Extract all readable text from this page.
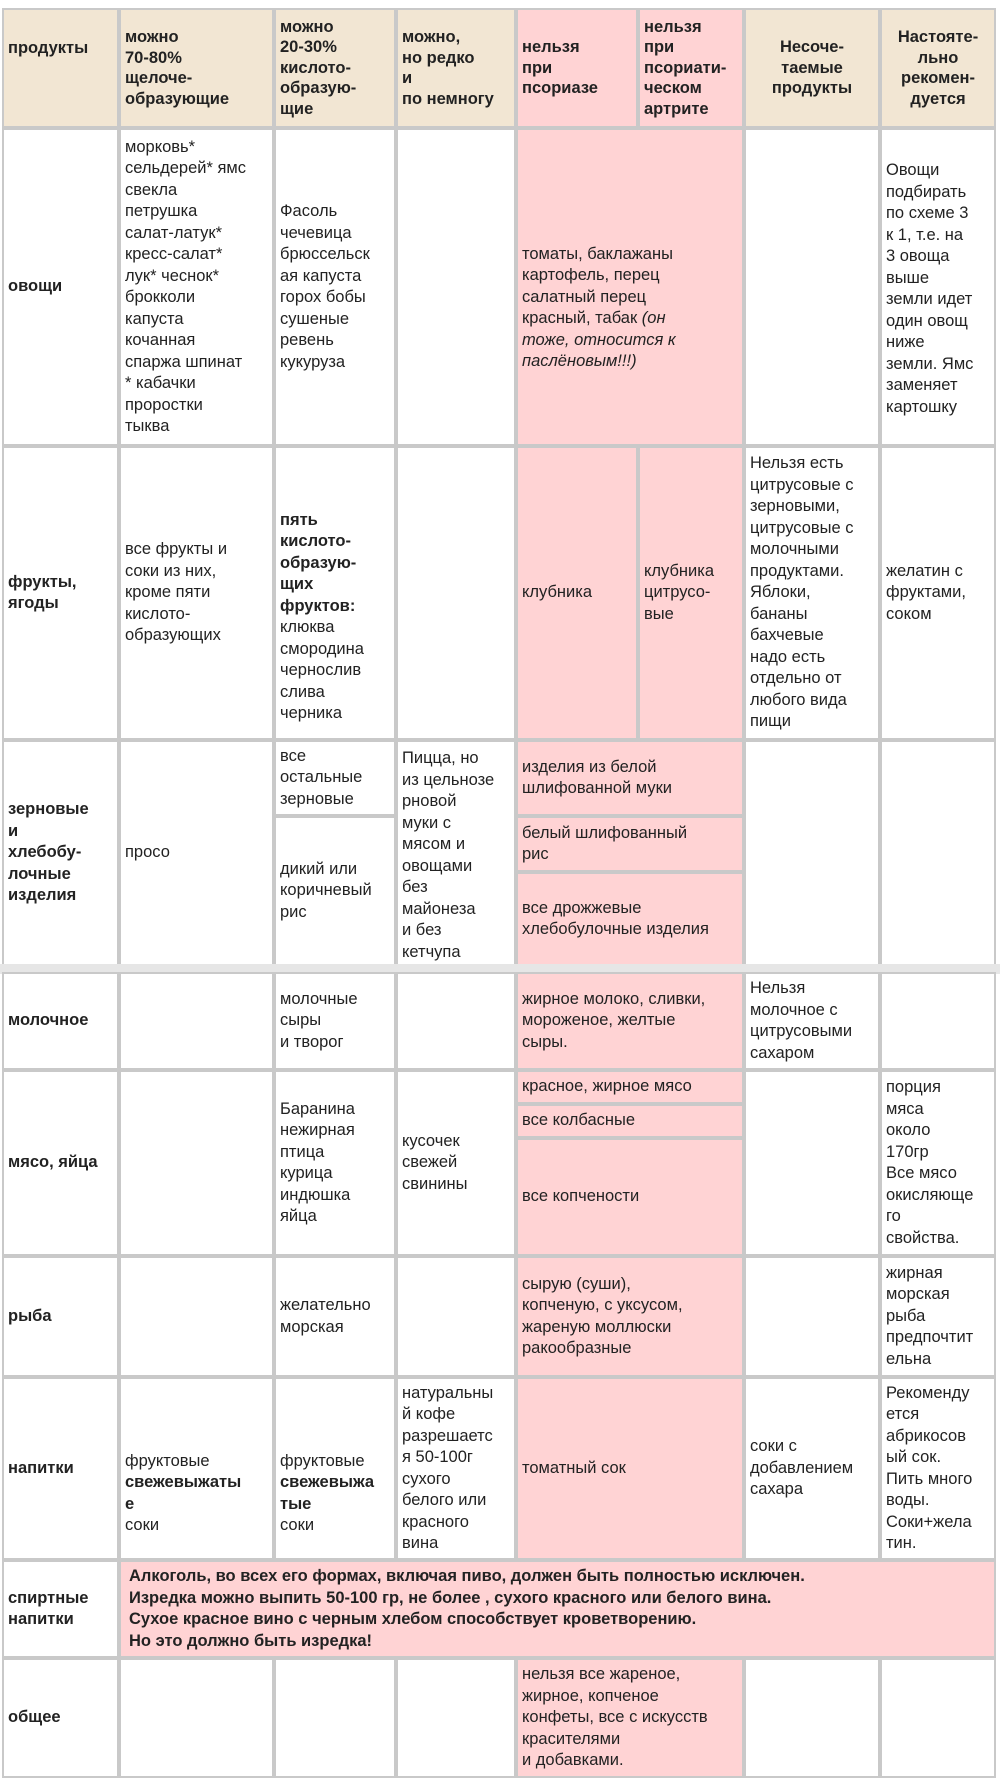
продукты
можно
70-80%
щелоче-
образующие
можно
20-30%
кислото-
образую-
щие
можно,
но редко
и
по немногу
нельзя
при
псориазе
нельзя
при
псориати-
ческом
артрите
Несоче-
таемые
продукты
Настояте-
льно
рекомен-
дуется
овощи
морковь*
сельдерей* ямс
свекла
петрушка
салат-латук*
кресс-салат*
лук* чеснок*
брокколи
капуста
кочанная
спаржа шпинат
* кабачки
проростки
тыква
Фасоль
чечевица
брюссельск
ая капуста
горох бобы
сушеные
ревень
кукуруза

томаты, баклажаны
картофель, перец
салатный перец
красный, табак (он
тоже, относится к
паслёновым!!!)

Овощи
подбирать
по схеме 3
к 1, т.е. на
3 овоща
выше
земли идет
один овощ
ниже
земли. Ямс
заменяет
картошку
фрукты,
ягоды
все фрукты и
соки из них,
кроме пяти
кислото-
образующих

пять
кислото-
образую-
щих
фруктов:
клюква
смородина
чернослив
слива
черника

клубника
клубника
цитрусо-
вые
Нельзя есть
цитрусовые с
зерновыми,
цитрусовые с
молочными
продуктами.
Яблоки,
бананы
бахчевые
надо есть
отдельно от
любого вида
пищи
желатин с
фруктами,
соком
зерновые
и
хлебобу-
лочные
изделия
просо
все
остальные
зерновые
дикий или
коричневый
рис
Пицца, но
из цельнозе
рновой
муки с
мясом и
овощами
без
майонеза
и без
кетчупа
изделия из белой
шлифованной муки
белый шлифованный
рис
все дрожжевые
хлебобулочные изделия
молочное
молочные
сыры
и творог
жирное молоко, сливки,
мороженое, желтые
сыры.
Нельзя
молочное с
цитрусовыми
сахаром
мясо, яйца
Баранина
нежирная
птица
курица
индюшка
яйца
кусочек
свежей
свинины
красное, жирное мясо
все колбасные
все копчености
порция
мяса
около
170гр
Все мясо
окисляюще
го
свойства.
рыба
желательно
морская
сырую (суши),
копченую, с уксусом,
жареную моллюски
ракообразные
жирная
морская
рыба
предпочтит
ельна
напитки	фруктовые
свежевыжаты
е
соки

фруктовые
свежевыжа
тые
соки

натуральны
й кофе
разрешаетс
я 50-100г
сухого
белого или
красного
вина
томатный сок
соки с
добавлением
сахара
Рекоменду
ется
абрикосов
ый сок.
Пить много
воды.
Соки+жела
тин.
спиртные
напитки
Алкоголь, во всех его формах, включая пиво, должен быть полностью исключен.
Изредка можно выпить 50-100 гр, не более , сухого красного или белого вина.
Сухое красное вино с черным хлебом способствует кроветворению.
Но это должно быть изредка!
общее
нельзя все жареное,
жирное, копченое
конфеты, все с искусств
красителями
и добавками.
